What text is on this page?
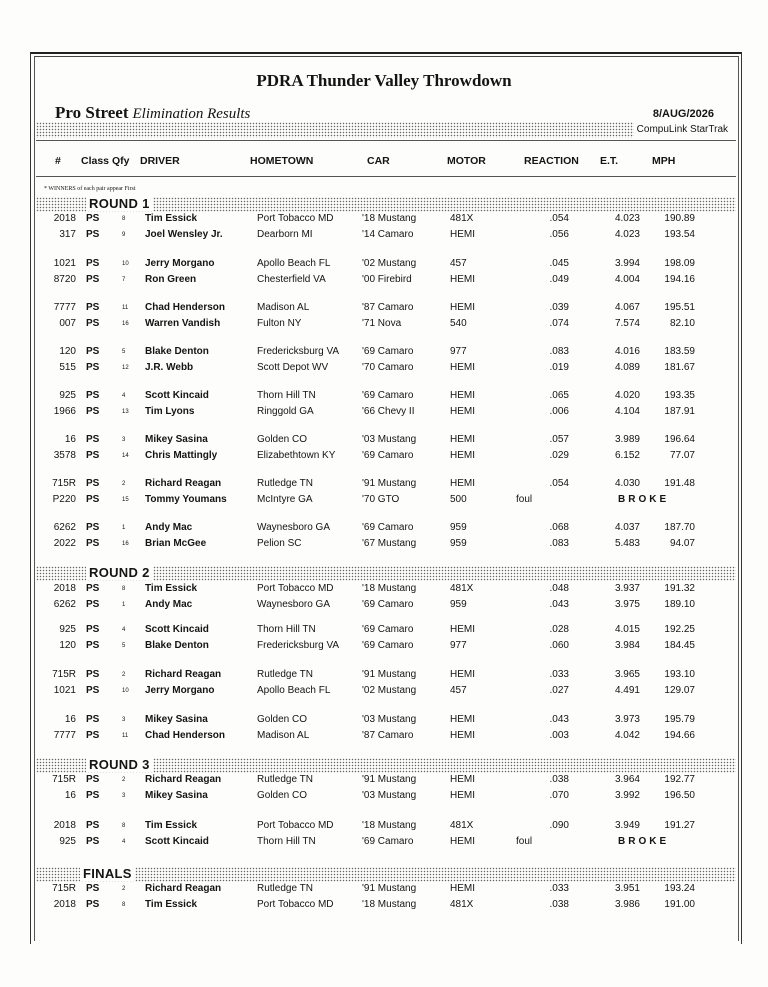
PDRA Thunder Valley Throwdown
Pro Street Elimination Results	8/AUG/2026
CompuLink StarTrak
# Class Qfy DRIVER	HOMETOWN	CAR	MOTOR	REACTION E.T.	MPH
* WINNERS of each pair appear First
ROUND 1
2018 PS	8 Tim Essick	Port Tobacco MD	'18 Mustang	481X	.054	4.023	190.89
317 PS	9 Joel Wensley Jr.	Dearborn MI	'14 Camaro	HEMI	.056	4.023	193.54
1021 PS	10 Jerry Morgano	Apollo Beach FL	'02 Mustang	457	.045	3.994	198.09
8720 PS	7 Ron Green	Chesterfield VA	'00 Firebird	HEMI	.049	4.004	194.16
7777 PS	11 Chad Henderson	Madison AL	'87 Camaro	HEMI	.039	4.067	195.51
007 PS	16 Warren Vandish	Fulton NY	'71 Nova	540	.074	7.574	82.10
120 PS	5 Blake Denton	Fredericksburg VA '69 Camaro	977	.083	4.016	183.59
515 PS	12 J.R. Webb	Scott Depot WV	'70 Camaro	HEMI	.019	4.089	181.67
925 PS	4 Scott Kincaid	Thorn Hill TN	'69 Camaro	HEMI	.065	4.020	193.35
1966 PS	13 Tim Lyons	Ringgold GA	'66 Chevy II	HEMI	.006	4.104	187.91
16 PS	3 Mikey Sasina	Golden CO	'03 Mustang	HEMI	.057	3.989	196.64
3578 PS	14 Chris Mattingly	Elizabethtown KY	'69 Camaro	HEMI	.029	6.152	77.07
715R PS	2 Richard Reagan	Rutledge TN	'91 Mustang	HEMI	.054	4.030	191.48
P220 PS	15 Tommy Youmans	McIntyre GA	'70 GTO	500	foul	BROKE
6262 PS	1 Andy Mac	Waynesboro GA	'69 Camaro	959	.068	4.037	187.70
2022 PS	16 Brian McGee	Pelion SC	'67 Mustang	959	.083	5.483	94.07
ROUND 2
2018 PS	8 Tim Essick	Port Tobacco MD	'18 Mustang	481X	.048	3.937	191.32
6262 PS	1 Andy Mac	Waynesboro GA	'69 Camaro	959	.043	3.975	189.10
925 PS	4 Scott Kincaid	Thorn Hill TN	'69 Camaro	HEMI	.028	4.015	192.25
120 PS	5 Blake Denton	Fredericksburg VA '69 Camaro	977	.060	3.984	184.45
715R PS	2 Richard Reagan	Rutledge TN	'91 Mustang	HEMI	.033	3.965	193.10
1021 PS	10 Jerry Morgano	Apollo Beach FL	'02 Mustang	457	.027	4.491	129.07
16 PS	3 Mikey Sasina	Golden CO	'03 Mustang	HEMI	.043	3.973	195.79
7777 PS	11 Chad Henderson	Madison AL	'87 Camaro	HEMI	.003	4.042	194.66
ROUND 3
715R PS	2 Richard Reagan	Rutledge TN	'91 Mustang	HEMI	.038	3.964	192.77
16 PS	3 Mikey Sasina	Golden CO	'03 Mustang	HEMI	.070	3.992	196.50
2018 PS	8 Tim Essick	Port Tobacco MD	'18 Mustang	481X	.090	3.949	191.27
925 PS	4 Scott Kincaid	Thorn Hill TN	'69 Camaro	HEMI	foul	BROKE
FINALS
715R PS	2 Richard Reagan	Rutledge TN	'91 Mustang	HEMI	.033	3.951	193.24
2018 PS	8 Tim Essick	Port Tobacco MD	'18 Mustang	481X	.038	3.986	191.00
